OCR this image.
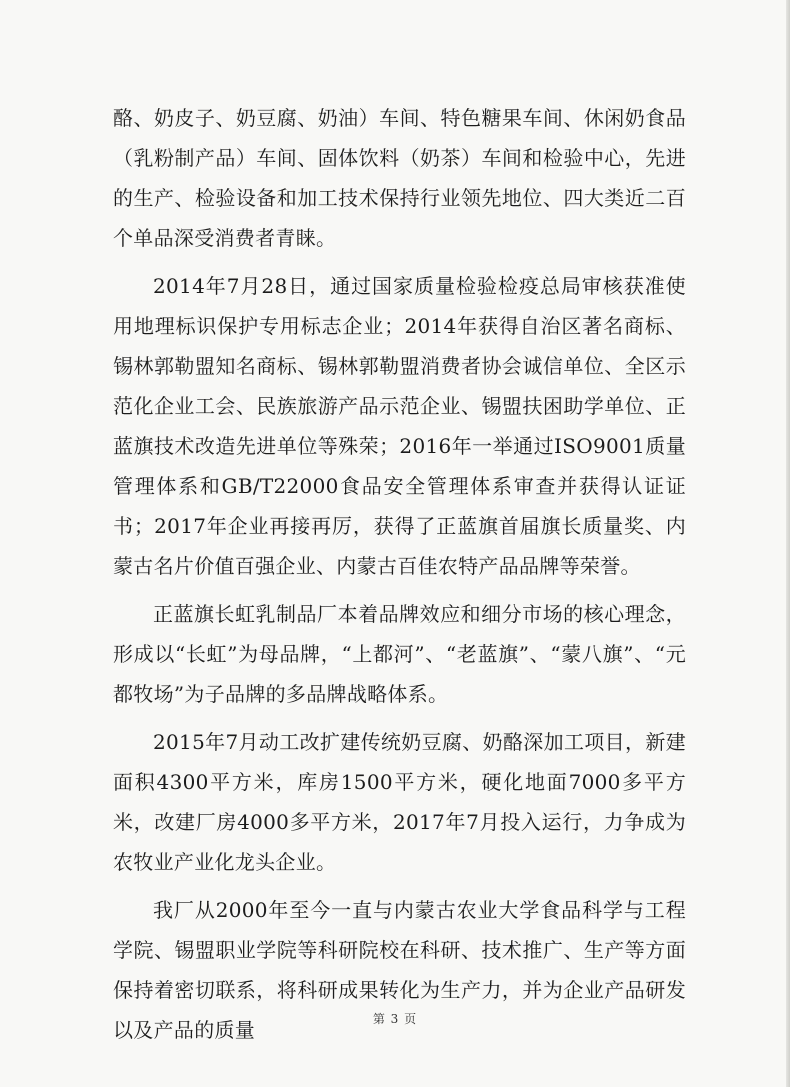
酪、奶皮子、奶豆腐、奶油）车间、特色糖果车间、休闲奶食品（乳粉制产品）车间、固体饮料（奶茶）车间和检验中心，先进的生产、检验设备和加工技术保持行业领先地位、四大类近二百个单品深受消费者青睐。

2014年7月28日，通过国家质量检验检疫总局审核获准使用地理标识保护专用标志企业；2014年获得自治区著名商标、锡林郭勒盟知名商标、锡林郭勒盟消费者协会诚信单位、全区示范化企业工会、民族旅游产品示范企业、锡盟扶困助学单位、正蓝旗技术改造先进单位等殊荣；2016年一举通过ISO9001质量管理体系和GB/T22000食品安全管理体系审查并获得认证证书；2017年企业再接再厉，获得了正蓝旗首届旗长质量奖、内蒙古名片价值百强企业、内蒙古百佳农特产品品牌等荣誉。

正蓝旗长虹乳制品厂本着品牌效应和细分市场的核心理念，形成以“长虹”为母品牌，“上都河”、“老蓝旗”、“蒙八旗”、“元都牧场”为子品牌的多品牌战略体系。

2015年7月动工改扩建传统奶豆腐、奶酪深加工项目，新建面积4300平方米，库房1500平方米，硬化地面7000多平方米，改建厂房4000多平方米，2017年7月投入运行，力争成为农牧业产业化龙头企业。

我厂从2000年至今一直与内蒙古农业大学食品科学与工程学院、锡盟职业学院等科研院校在科研、技术推广、生产等方面保持着密切联系，将科研成果转化为生产力，并为企业产品研发以及产品的质量	第 3 页
